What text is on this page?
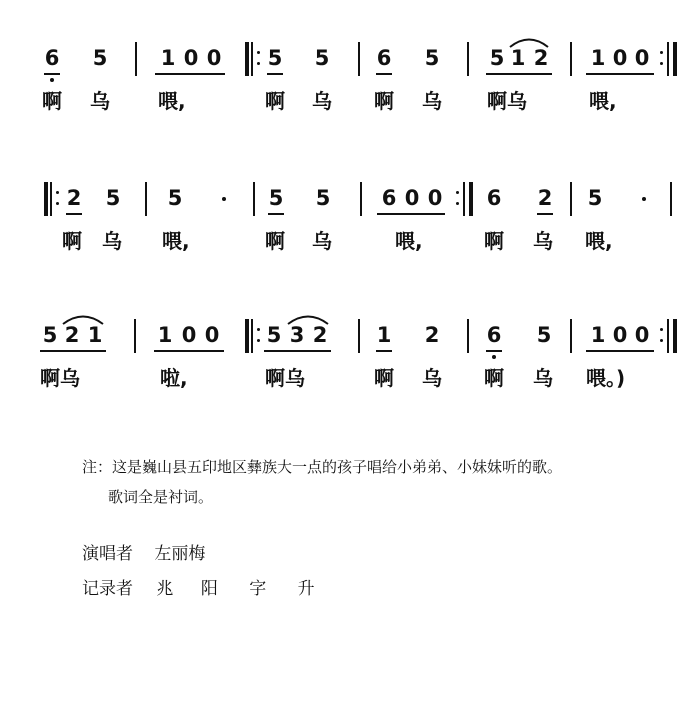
6 5	1 0 0 5 5 6 5 5 1 2 1 0 0
啊 乌 喂,	啊 乌 啊 乌 啊乌	喂,
2 5 5	5 5 6 0 0 6 2 5
啊 乌 喂,	啊 乌	喂,	啊 乌 喂,
5 2 1	1 0 0 5 3 2 1 2 6 5 1 0 0
啊乌	啦,	啊乌	啊 乌 啊 乌 喂。)
注：这是巍山县五印地区彝族大一点的孩子唱给小弟弟、小妹妹听的歌。
歌词全是衬词。
演唱者 左丽梅
记录者 兆 阳 字 升
